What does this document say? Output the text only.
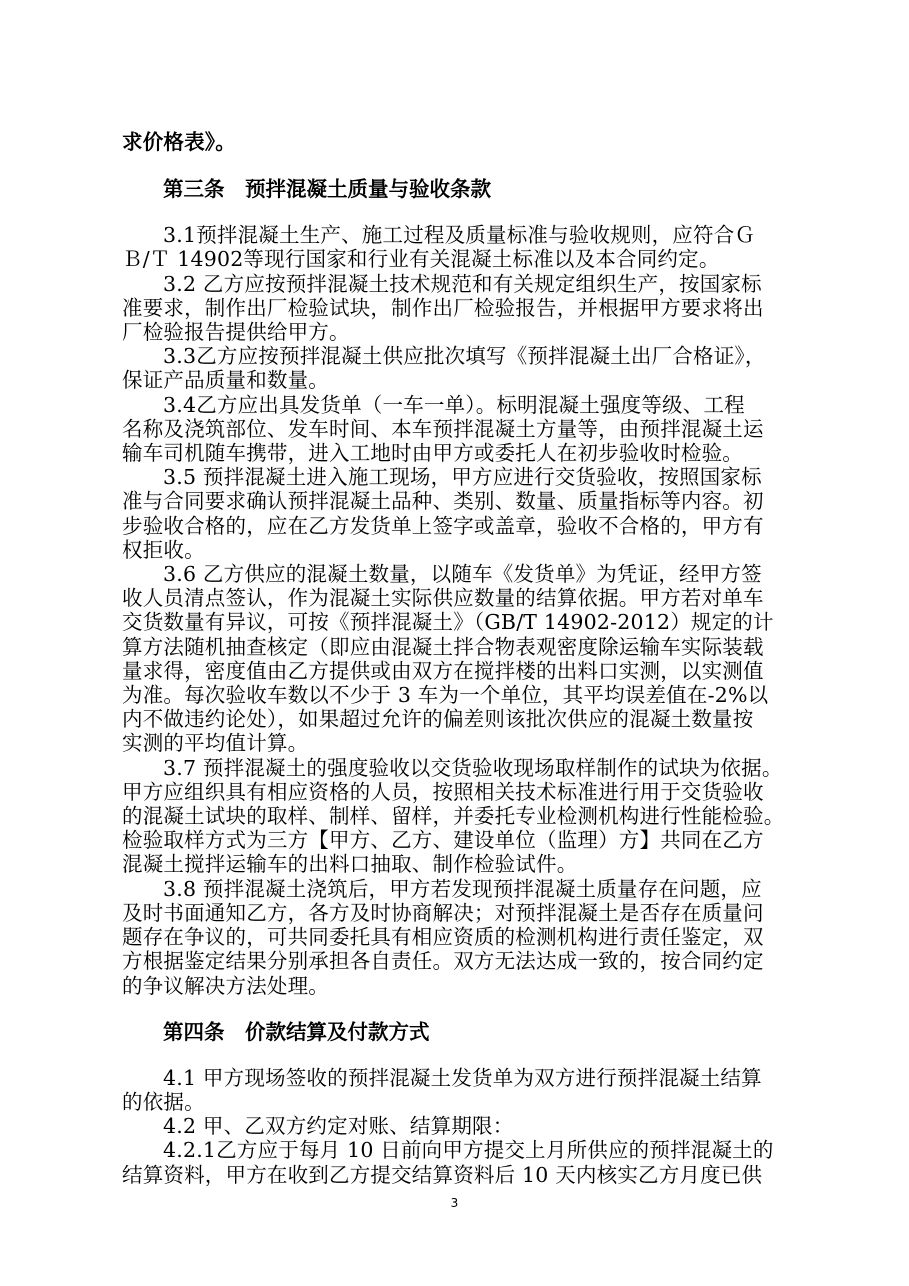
求价格表》。
第三条　预拌混凝土质量与验收条款
3.1预拌混凝土生产、施工过程及质量标准与验收规则，应符合Ｇ
Ｂ/Ｔ 14902等现行国家和行业有关混凝土标准以及本合同约定。
3.2 乙方应按预拌混凝土技术规范和有关规定组织生产，按国家标
准要求，制作出厂检验试块，制作出厂检验报告，并根据甲方要求将出
厂检验报告提供给甲方。
3.3乙方应按预拌混凝土供应批次填写《预拌混凝土出厂合格证》，
保证产品质量和数量。
3.4乙方应出具发货单（一车一单）。标明混凝土强度等级、工程
名称及浇筑部位、发车时间、本车预拌混凝土方量等，由预拌混凝土运
输车司机随车携带，进入工地时由甲方或委托人在初步验收时检验。
3.5 预拌混凝土进入施工现场，甲方应进行交货验收，按照国家标
准与合同要求确认预拌混凝土品种、类别、数量、质量指标等内容。初
步验收合格的，应在乙方发货单上签字或盖章，验收不合格的，甲方有
权拒收。
3.6 乙方供应的混凝土数量，以随车《发货单》为凭证，经甲方签
收人员清点签认，作为混凝土实际供应数量的结算依据。甲方若对单车
交货数量有异议，可按《预拌混凝土》（GB/T 14902-2012）规定的计
算方法随机抽查核定（即应由混凝土拌合物表观密度除运输车实际装载
量求得，密度值由乙方提供或由双方在搅拌楼的出料口实测，以实测值
为准。每次验收车数以不少于 3 车为一个单位，其平均误差值在-2%以
内不做违约论处），如果超过允许的偏差则该批次供应的混凝土数量按
实测的平均值计算。
3.7 预拌混凝土的强度验收以交货验收现场取样制作的试块为依据。
甲方应组织具有相应资格的人员，按照相关技术标准进行用于交货验收
的混凝土试块的取样、制样、留样，并委托专业检测机构进行性能检验。
检验取样方式为三方【甲方、乙方、建设单位（监理）方】共同在乙方
混凝土搅拌运输车的出料口抽取、制作检验试件。
3.8 预拌混凝土浇筑后，甲方若发现预拌混凝土质量存在问题，应
及时书面通知乙方，各方及时协商解决；对预拌混凝土是否存在质量问
题存在争议的，可共同委托具有相应资质的检测机构进行责任鉴定，双
方根据鉴定结果分别承担各自责任。双方无法达成一致的，按合同约定
的争议解决方法处理。
第四条　价款结算及付款方式
4.1 甲方现场签收的预拌混凝土发货单为双方进行预拌混凝土结算
的依据。
4.2 甲、乙双方约定对账、结算期限：
4.2.1乙方应于每月 10 日前向甲方提交上月所供应的预拌混凝土的
结算资料，甲方在收到乙方提交结算资料后 10 天内核实乙方月度已供
3
